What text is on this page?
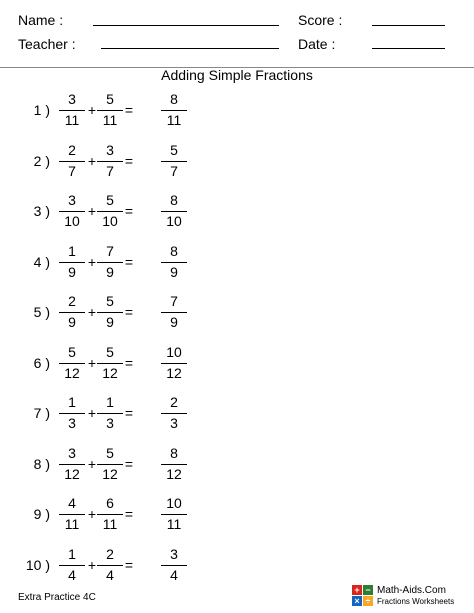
Name :	Score :
Teacher :	Date :
Adding Simple Fractions
1 )
3
11
+
5
11
=
8
11
2 )
2
7
+
3
7
=
5
7
3 )
3
10
+
5
10
=
8
10
4 )
1
9
+
7
9
=
8
9
5 )
2
9
+
5
9
=
7
9
6 )
5
12
+
5
12
=
10
12
7 )
1
3
+
1
3
=
2
3
8 )
3
12
+
5
12
=
8
12
9 )
4
11
+
6
11
=
10
11
10 )
1
4
+
2
4
=
3
4
Extra Practice 4C
+ −
× ÷
Math-Aids.Com
Fractions Worksheets
